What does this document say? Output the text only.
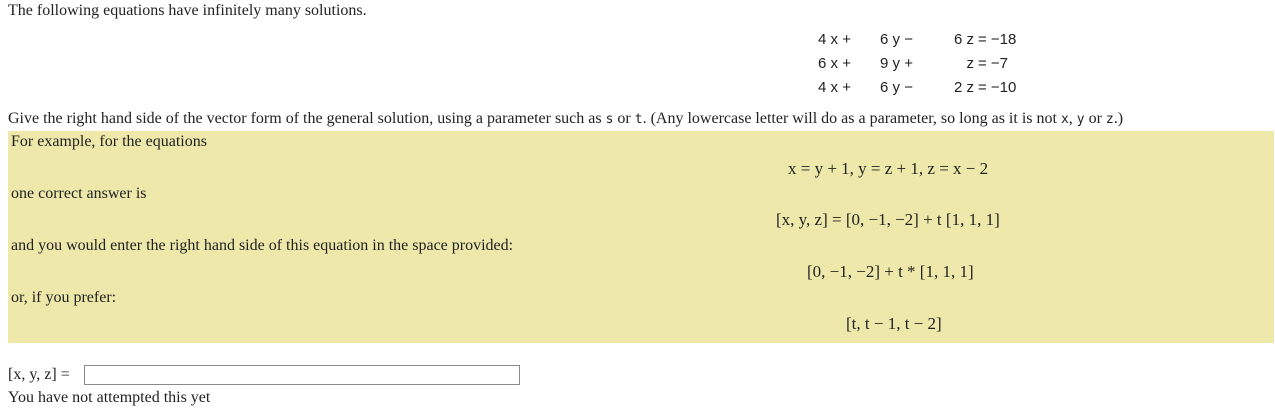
The following equations have infinitely many solutions.
4 x +	6 y −	6 z = −18
6 x +	9 y +	z = −7
4 x +	6 y −	2 z = −10
Give the right hand side of the vector form of the general solution, using a parameter such as s or t. (Any lowercase letter will do as a parameter, so long as it is not x, y or z.)
For example, for the equations
x = y + 1, y = z + 1, z = x − 2
one correct answer is
[x, y, z] = [0, −1, −2] + t [1, 1, 1]
and you would enter the right hand side of this equation in the space provided:
[0, −1, −2] + t * [1, 1, 1]
or, if you prefer:
[t, t − 1, t − 2]
[x, y, z] =
You have not attempted this yet
